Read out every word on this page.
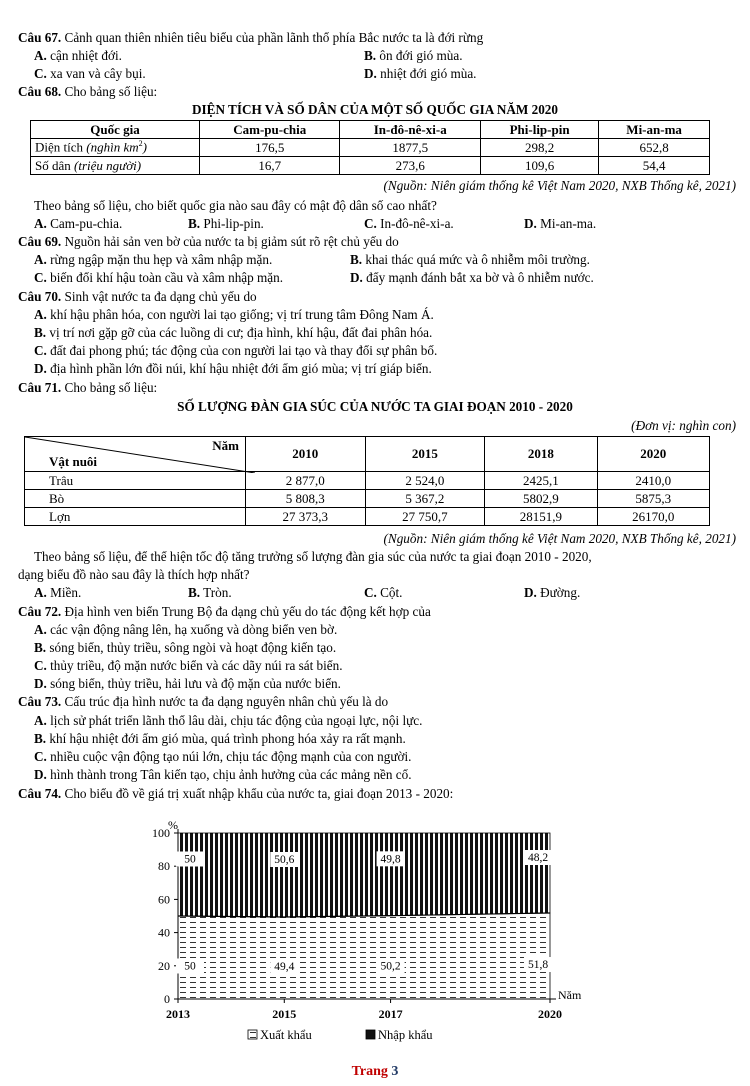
Câu 67. Cảnh quan thiên nhiên tiêu biểu của phần lãnh thổ phía Bắc nước ta là đới rừng
A. cận nhiệt đới.	B. ôn đới gió mùa.
C. xa van và cây bụi.	D. nhiệt đới gió mùa.
Câu 68. Cho bảng số liệu:
DIỆN TÍCH VÀ SỐ DÂN CỦA MỘT SỐ QUỐC GIA NĂM 2020
Quốc gia	Cam-pu-chia	In-đô-nê-xi-a	Phi-lip-pin	Mi-an-ma
Diện tích (nghìn $km^2$)	176,5	1877,5	298,2	652,8
Số dân (triệu người)	16,7	273,6	109,6	54,4
(Nguồn: Niên giám thống kê Việt Nam 2020, NXB Thống kê, 2021)
Theo bảng số liệu, cho biết quốc gia nào sau đây có mật độ dân số cao nhất?
A. Cam-pu-chia.	B. Phi-lip-pin.	C. In-đô-nê-xi-a.	D. Mi-an-ma.
Câu 69. Nguồn hải sản ven bờ của nước ta bị giảm sút rõ rệt chủ yếu do
A. rừng ngập mặn thu hẹp và xâm nhập mặn.	B. khai thác quá mức và ô nhiễm môi trường.
C. biến đổi khí hậu toàn cầu và xâm nhập mặn.	D. đẩy mạnh đánh bắt xa bờ và ô nhiễm nước.
Câu 70. Sinh vật nước ta đa dạng chủ yếu do
A. khí hậu phân hóa, con người lai tạo giống; vị trí trung tâm Đông Nam Á.
B. vị trí nơi gặp gỡ của các luồng di cư; địa hình, khí hậu, đất đai phân hóa.
C. đất đai phong phú; tác động của con người lai tạo và thay đổi sự phân bố.
D. địa hình phần lớn đồi núi, khí hậu nhiệt đới ẩm gió mùa; vị trí giáp biển.
Câu 71. Cho bảng số liệu:
SỐ LƯỢNG ĐÀN GIA SÚC CỦA NƯỚC TA GIAI ĐOẠN 2010 - 2020
(Đơn vị: nghìn con)
Năm
Vật nuôi	2010	2015	2018	2020
Trâu	2 877,0	2 524,0	2425,1	2410,0
Bò	5 808,3	5 367,2	5802,9	5875,3
Lợn	27 373,3	27 750,7	28151,9	26170,0
(Nguồn: Niên giám thống kê Việt Nam 2020, NXB Thống kê, 2021)
Theo bảng số liệu, để thể hiện tốc độ tăng trưởng số lượng đàn gia súc của nước ta giai đoạn 2010 - 2020,
dạng biểu đồ nào sau đây là thích hợp nhất?
A. Miền.	B. Tròn.	C. Cột.	D. Đường.
Câu 72. Địa hình ven biển Trung Bộ đa dạng chủ yếu do tác động kết hợp của
A. các vận động nâng lên, hạ xuống và dòng biển ven bờ.
B. sóng biển, thủy triều, sông ngòi và hoạt động kiến tạo.
C. thủy triều, độ mặn nước biển và các dãy núi ra sát biển.
D. sóng biển, thủy triều, hải lưu và độ mặn của nước biển.
Câu 73. Cấu trúc địa hình nước ta đa dạng nguyên nhân chủ yếu là do
A. lịch sử phát triển lãnh thổ lâu dài, chịu tác động của ngoại lực, nội lực.
B. khí hậu nhiệt đới ẩm gió mùa, quá trình phong hóa xảy ra rất mạnh.
C. nhiều cuộc vận động tạo núi lớn, chịu tác động mạnh của con người.
D. hình thành trong Tân kiến tạo, chịu ảnh hưởng của các mảng nền cổ.
Câu 74. Cho biểu đồ về giá trị xuất nhập khẩu của nước ta, giai đoạn 2013 - 2020:
0
20
40
60
80
100
%
2013	2015	2017	2020
Năm
50
50
50,6
49,4
49,8
50,2
48,2
51,8
Xuất khẩu	Nhập khẩu
Trang 3
